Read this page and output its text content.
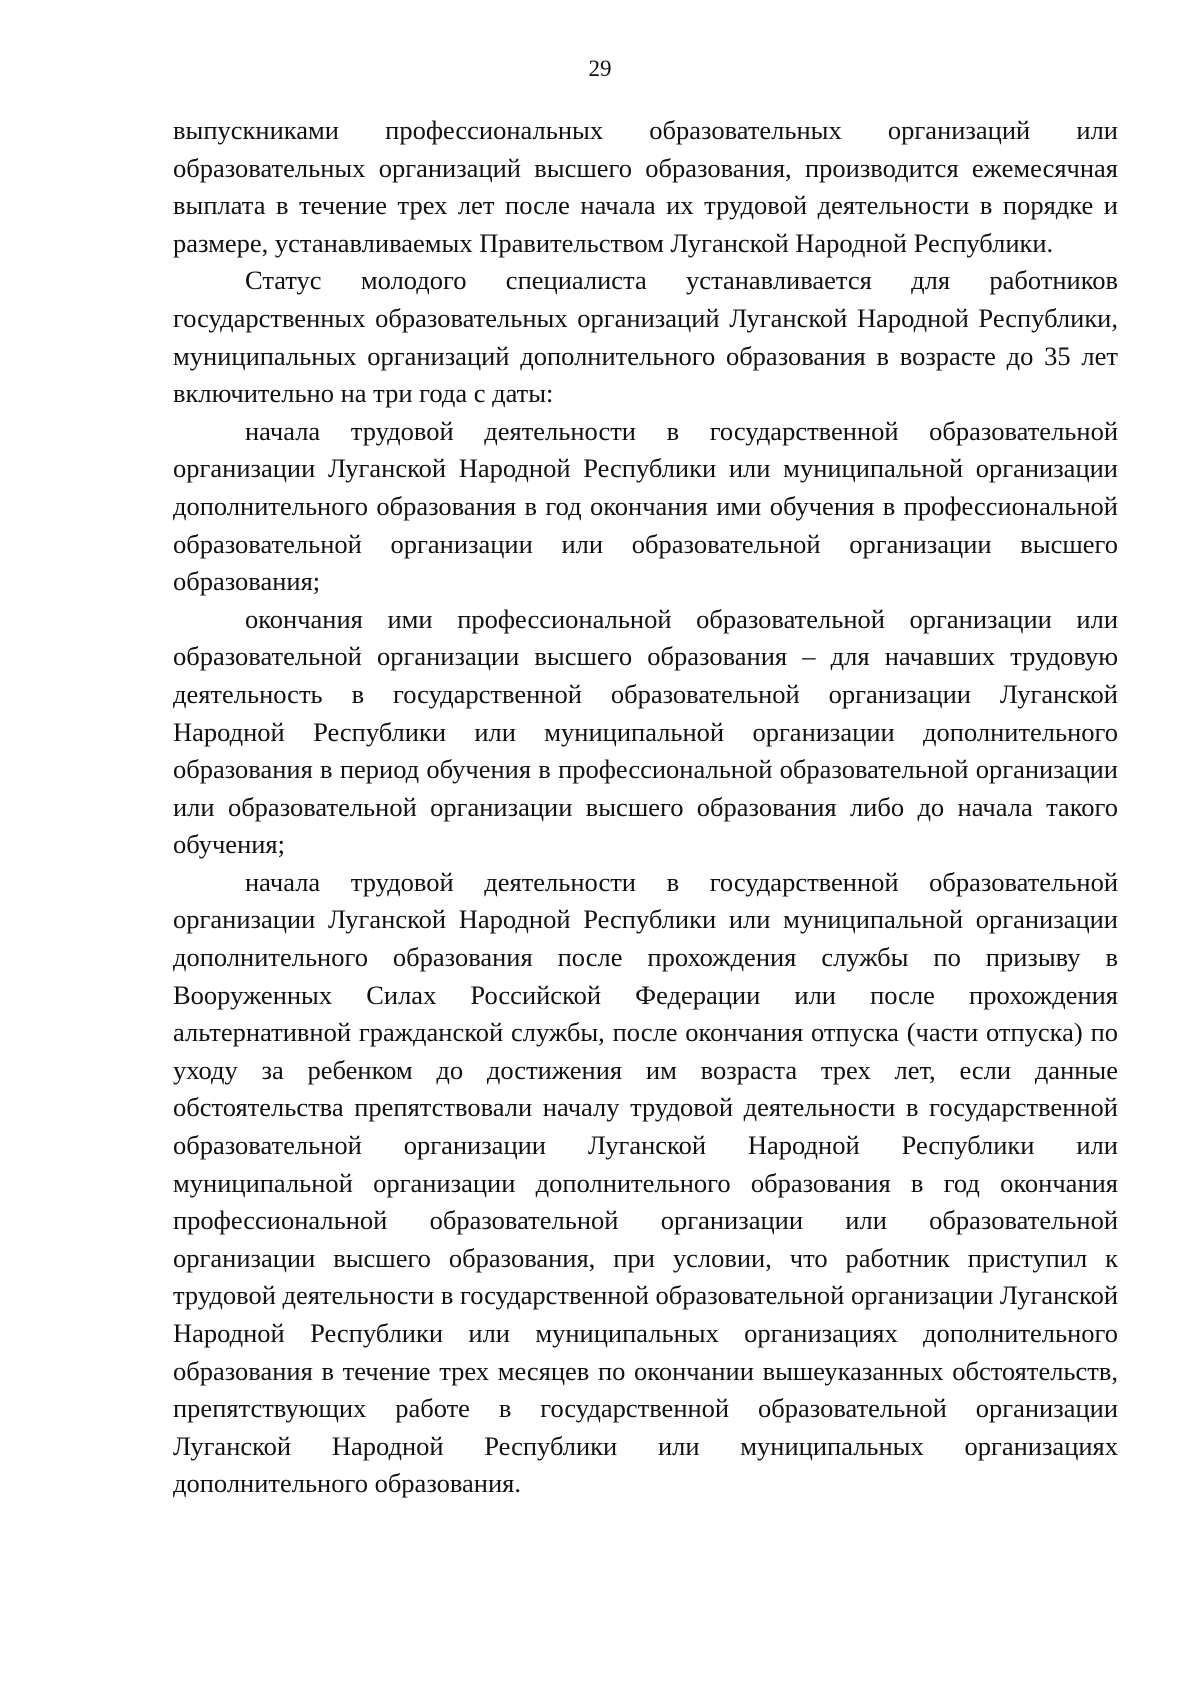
29

выпускниками профессиональных образовательных организаций или образовательных организаций высшего образования, производится ежемесячная выплата в течение трех лет после начала их трудовой деятельности в порядке и размере, устанавливаемых Правительством Луганской Народной Республики.

Статус молодого специалиста устанавливается для работников государственных образовательных организаций Луганской Народной Республики, муниципальных организаций дополнительного образования в возрасте до 35 лет включительно на три года с даты:

начала трудовой деятельности в государственной образовательной организации Луганской Народной Республики или муниципальной организации дополнительного образования в год окончания ими обучения в профессиональной образовательной организации или образовательной организации высшего образования;

окончания ими профессиональной образовательной организации или образовательной организации высшего образования – для начавших трудовую деятельность в государственной образовательной организации Луганской Народной Республики или муниципальной организации дополнительного образования в период обучения в профессиональной образовательной организации или образовательной организации высшего образования либо до начала такого обучения;

начала трудовой деятельности в государственной образовательной организации Луганской Народной Республики или муниципальной организации дополнительного образования после прохождения службы по призыву в Вооруженных Силах Российской Федерации или после прохождения альтернативной гражданской службы, после окончания отпуска (части отпуска) по уходу за ребенком до достижения им возраста трех лет, если данные обстоятельства препятствовали началу трудовой деятельности в государственной образовательной организации Луганской Народной Республики или муниципальной организации дополнительного образования в год окончания профессиональной образовательной организации или образовательной организации высшего образования, при условии, что работник приступил к трудовой деятельности в государственной образовательной организации Луганской Народной Республики или муниципальных организациях дополнительного образования в течение трех месяцев по окончании вышеуказанных обстоятельств, препятствующих работе в государственной образовательной организации Луганской Народной Республики или муниципальных организациях дополнительного образования.
